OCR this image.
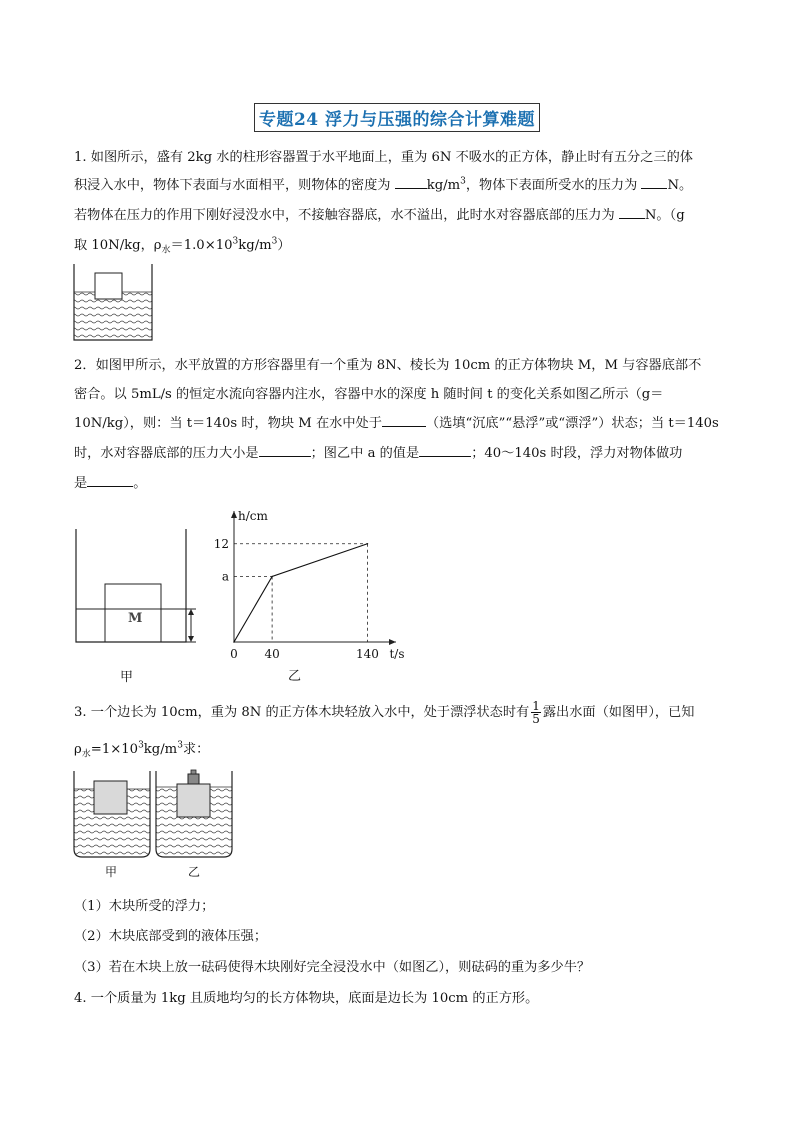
专题24 浮力与压强的综合计算难题
1. 如图所示，盛有 2kg 水的柱形容器置于水平地面上，重为 6N 不吸水的正方体，静止时有五分之三的体
积浸入水中，物体下表面与水面相平，则物体的密度为	$kg/m^3$，物体下表面所受水的压力为 N。
若物体在压力的作用下刚好浸没水中，不接触容器底，水不溢出，此时水对容器底部的压力为 N。（g
取 10N/kg，$\rho_水=1.0\times 10^3kg/m^3$）
2．如图甲所示，水平放置的方形容器里有一个重为 8N、棱长为 10cm 的正方体物块 M，M 与容器底部不
密合。以 5mL/s 的恒定水流向容器内注水，容器中水的深度 h 随时间 t 的变化关系如图乙所示（g＝
10N/kg），则：当 t＝140s 时，物块 M 在水中处于	（选填“沉底”“悬浮”或“漂浮”）状态；当 t＝140s
时，水对容器底部的压力大小是	；图乙中 a 的值是	；40～140s 时段，浮力对物体做功
是	。
M
甲
h/cm
t/s
0 40
a
140
12
乙
3. 一个边长为 10cm，重为 8N 的正方体木块轻放入水中，处于漂浮状态时有 $\frac{1}{5}$ 露出水面（如图甲），已知
$\rho_水=1\times 10^3kg/m^3$求：
甲	乙
（1）木块所受的浮力；
（2）木块底部受到的液体压强；
（3）若在木块上放一砝码使得木块刚好完全浸没水中（如图乙），则砝码的重为多少牛？
4. 一个质量为 1kg 且质地均匀的长方体物块，底面是边长为 10cm 的正方形。
